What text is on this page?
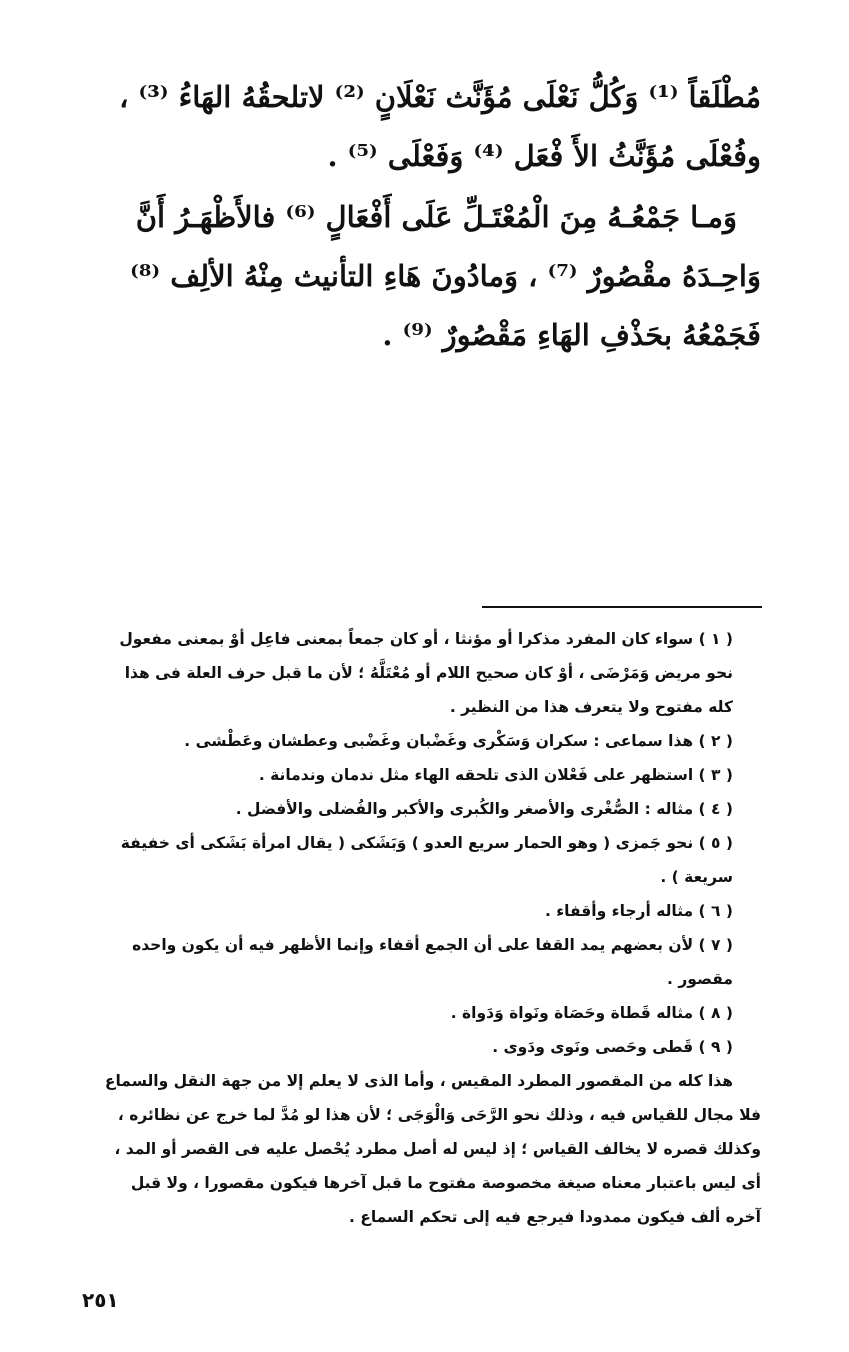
مُطْلَقاً ⁽¹⁾ وَكُلُّ نَعْلَى مُؤَنَّث نَعْلَانٍ ⁽²⁾ لاتلحقُهُ الهَاءُ ⁽³⁾ ، وفُعْلَى مُؤَنَّثُ الأَ فْعَل ⁽⁴⁾ وَفَعْلَى ⁽⁵⁾ .

وَمـا جَمْعُـهُ مِنَ الْمُعْتَـلِّ عَلَى أَفْعَالٍ ⁽⁶⁾ فالأَظْهَـرُ أَنَّ وَاحِـدَهُ مقْصُورٌ ⁽⁷⁾ ، وَمادُونَ هَاءِ التأنيث مِنْهُ الألِف ⁽⁸⁾ فَجَمْعُهُ بحَذْفِ الهَاءِ مَقْصُورٌ ⁽⁹⁾ .

( ١ ) سواء كان المفرد مذكرا أو مؤنثا ، أو كان جمعاً بمعنى فاعِل أوْ بمعنى مفعول نحو مريض وَمَرْضَى ، أوْ كان صحيح اللام أو مُعْتَلَّهُ ؛ لأن ما قبل حرف العلة فى هذا كله مفتوح ولا يتعرف هذا من النظير .

( ٢ ) هذا سماعى : سكران وَسَكْرى وغَضْبان وغَضْبى وعطشان وعَطْشى .

( ٣ ) استظهر على فَعْلان الذى تلحقه الهاء مثل ندمان وندمانة .

( ٤ ) مثاله : الصُّغْرى والأصغر والكُبرى والأكبر والفُضلى والأفضل .

( ٥ ) نحو جَمزى ( وهو الحمار سريع العدو ) وَبَشَكى ( يقال امرأة بَشَكى أى خفيفة سريعة ) .

( ٦ ) مثاله أرجاء وأقفاء .

( ٧ ) لأن بعضهم يمد القفا على أن الجمع أقفاء وإنما الأظهر فيه أن يكون واحده مقصور .

( ٨ ) مثاله قَطاة وحَصَاة ونَواة وَدَواة .

( ٩ ) قَطى وحَصى ونَوى ودَوى .

هذا كله من المقصور المطرد المقيس ، وأما الذى لا يعلم إلا من جهة النقل والسماع فلا مجال للقياس فيه ، وذلك نحو الرَّحَى وَالْوَجَى ؛ لأن هذا لو مُدَّ لما خرج عن نظائره ، وكذلك قصره لا يخالف القياس ؛ إذ ليس له أصل مطرد يُحْصل عليه فى القصر أو المد ، أى ليس باعتبار معناه صيغة مخصوصة مفتوح ما قبل آخرها فيكون مقصورا ، ولا قبل آخره ألف فيكون ممدودا فيرجع فيه إلى تحكم السماع .

٢٥١
